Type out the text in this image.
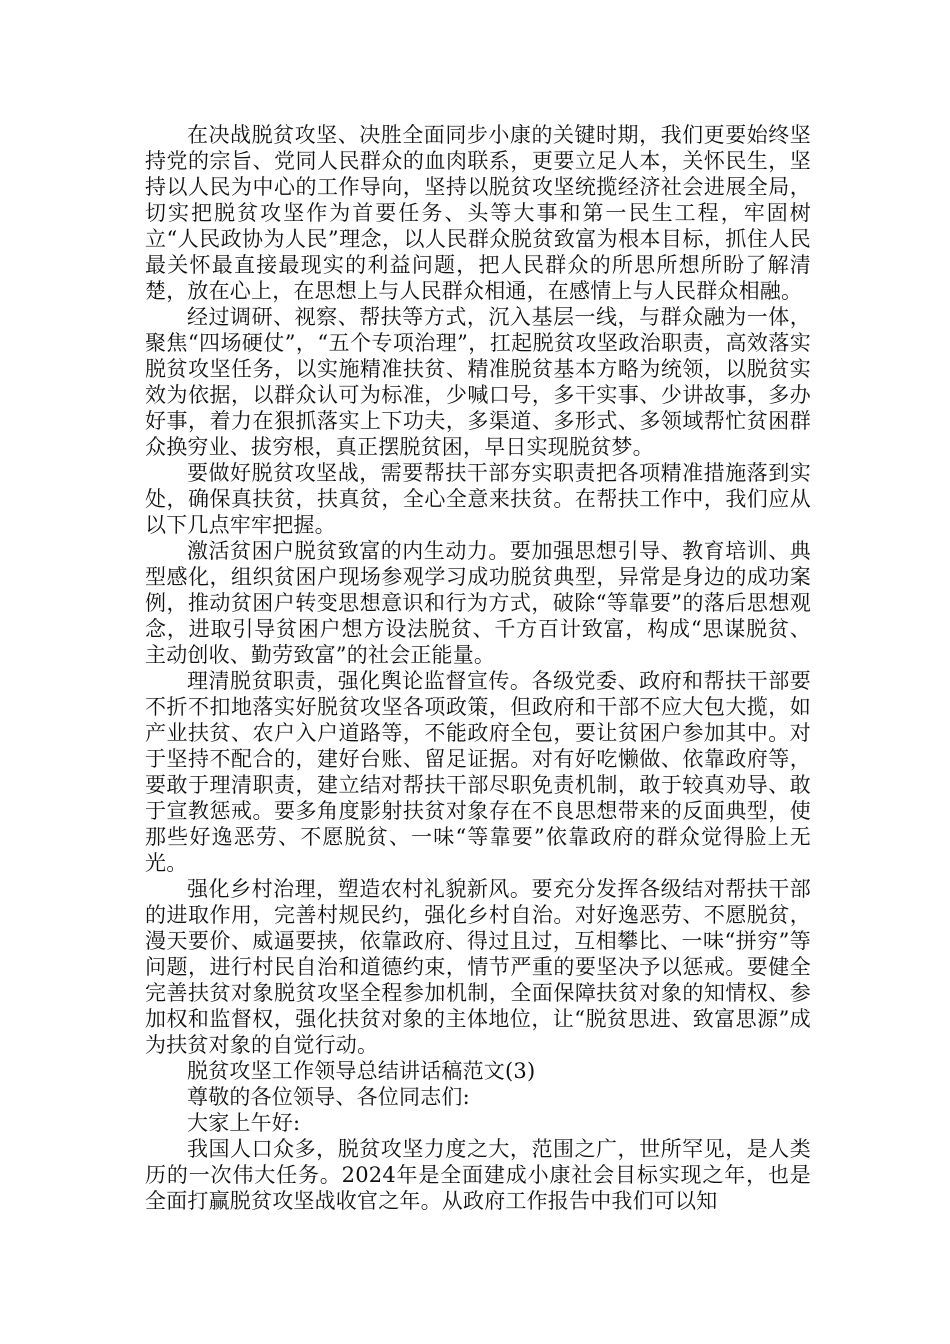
在决战脱贫攻坚、决胜全面同步小康的关键时期，我们更要始终坚持党的宗旨、党同人民群众的血肉联系，更要立足人本，关怀民生，坚持以人民为中心的工作导向，坚持以脱贫攻坚统揽经济社会进展全局，切实把脱贫攻坚作为首要任务、头等大事和第一民生工程，牢固树立“人民政协为人民”理念，以人民群众脱贫致富为根本目标，抓住人民最关怀最直接最现实的利益问题，把人民群众的所思所想所盼了解清楚，放在心上，在思想上与人民群众相通，在感情上与人民群众相融。

经过调研、视察、帮扶等方式，沉入基层一线，与群众融为一体，聚焦“四场硬仗”，“五个专项治理”，扛起脱贫攻坚政治职责，高效落实脱贫攻坚任务，以实施精准扶贫、精准脱贫基本方略为统领，以脱贫实效为依据，以群众认可为标准，少喊口号，多干实事、少讲故事，多办好事，着力在狠抓落实上下功夫，多渠道、多形式、多领域帮忙贫困群众换穷业、拔穷根，真正摆脱贫困，早日实现脱贫梦。

要做好脱贫攻坚战，需要帮扶干部夯实职责把各项精准措施落到实处，确保真扶贫，扶真贫，全心全意来扶贫。在帮扶工作中，我们应从以下几点牢牢把握。

激活贫困户脱贫致富的内生动力。要加强思想引导、教育培训、典型感化，组织贫困户现场参观学习成功脱贫典型，异常是身边的成功案例，推动贫困户转变思想意识和行为方式，破除“等靠要”的落后思想观念，进取引导贫困户想方设法脱贫、千方百计致富，构成“思谋脱贫、主动创收、勤劳致富”的社会正能量。

理清脱贫职责，强化舆论监督宣传。各级党委、政府和帮扶干部要不折不扣地落实好脱贫攻坚各项政策，但政府和干部不应大包大揽，如产业扶贫、农户入户道路等，不能政府全包，要让贫困户参加其中。对于坚持不配合的，建好台账、留足证据。对有好吃懒做、依靠政府等，要敢于理清职责，建立结对帮扶干部尽职免责机制，敢于较真劝导、敢于宣教惩戒。要多角度影射扶贫对象存在不良思想带来的反面典型，使那些好逸恶劳、不愿脱贫、一味“等靠要”依靠政府的群众觉得脸上无光。

强化乡村治理，塑造农村礼貌新风。要充分发挥各级结对帮扶干部的进取作用，完善村规民约，强化乡村自治。对好逸恶劳、不愿脱贫，漫天要价、威逼要挟，依靠政府、得过且过，互相攀比、一味“拼穷”等问题，进行村民自治和道德约束，情节严重的要坚决予以惩戒。要健全完善扶贫对象脱贫攻坚全程参加机制，全面保障扶贫对象的知情权、参加权和监督权，强化扶贫对象的主体地位，让“脱贫思进、致富思源”成为扶贫对象的自觉行动。

脱贫攻坚工作领导总结讲话稿范文(3)

尊敬的各位领导、各位同志们:

大家上午好:

我国人口众多，脱贫攻坚力度之大，范围之广，世所罕见，是人类历的一次伟大任务。2024年是全面建成小康社会目标实现之年，也是全面打赢脱贫攻坚战收官之年。从政府工作报告中我们可以知
